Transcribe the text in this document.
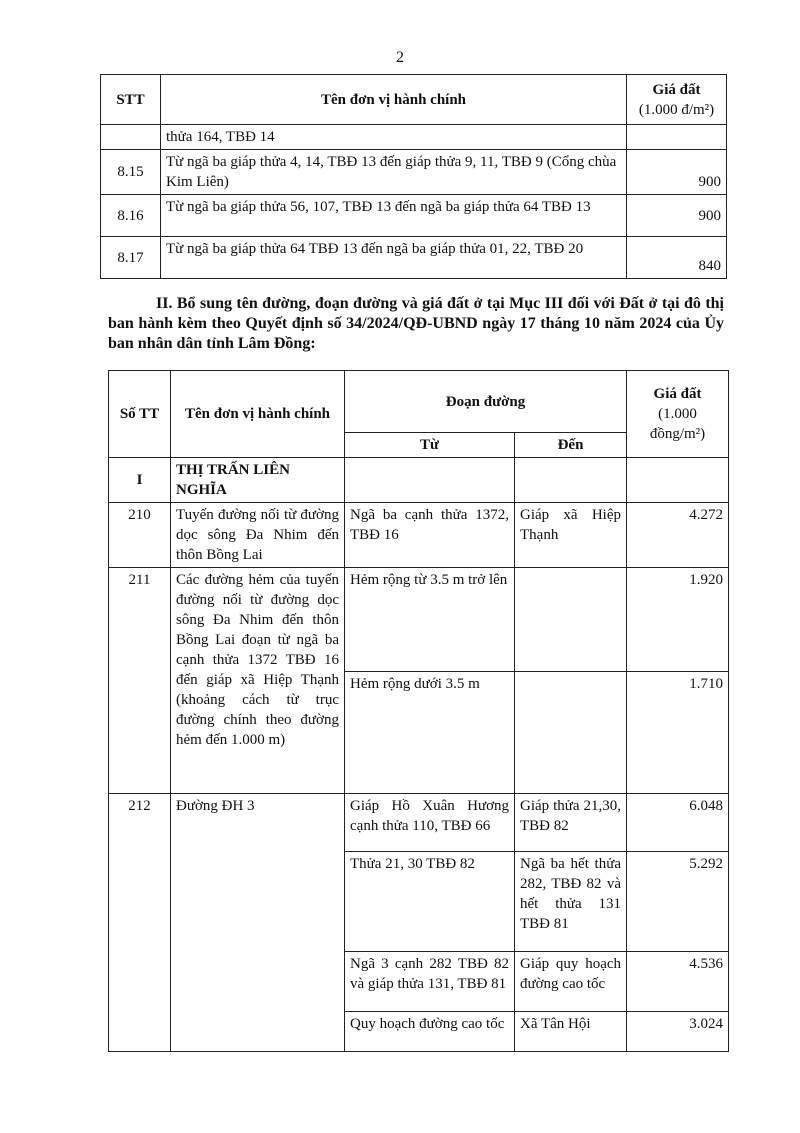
2
STT	Tên đơn vị hành chính	Giá đất
(1.000 đ/m²)
	thửa 164, TBĐ 14	
8.15	Từ ngã ba giáp thửa 4, 14, TBĐ 13 đến giáp thửa 9, 11, TBĐ 9 (Cổng chùa Kim Liên)	900
8.16	Từ ngã ba giáp thửa 56, 107, TBĐ 13 đến ngã ba giáp thửa 64 TBĐ 13	900
8.17	Từ ngã ba giáp thửa 64 TBĐ 13 đến ngã ba giáp thửa 01, 22, TBĐ 20	840
II. Bổ sung tên đường, đoạn đường và giá đất ở tại Mục III đối với Đất ở tại đô thị ban hành kèm theo Quyết định số 34/2024/QĐ-UBND ngày 17 tháng 10 năm 2024 của Ủy ban nhân dân tỉnh Lâm Đồng:
Số TT	Tên đơn vị hành chính	Đoạn đường		Giá đất
(1.000 đồng/m²)
		Từ	Đến	
I	THỊ TRẤN LIÊN NGHĨA			
210	Tuyến đường nối từ đường dọc sông Đa Nhim đến thôn Bồng Lai	Ngã ba cạnh thửa 1372, TBĐ 16	Giáp xã Hiệp Thạnh	4.272
211	Các đường hẻm của tuyến đường nối từ đường dọc sông Đa Nhim đến thôn Bồng Lai đoạn từ ngã ba cạnh thửa 1372 TBĐ 16 đến giáp xã Hiệp Thạnh (khoảng cách từ trục đường chính theo đường hẻm đến 1.000 m)	Hẻm rộng từ 3.5 m trở lên		1.920
		Hẻm rộng dưới 3.5 m		1.710
212	Đường ĐH 3	Giáp Hồ Xuân Hương cạnh thửa 110, TBĐ 66	Giáp thửa 21,30, TBĐ 82	6.048
		Thửa 21, 30 TBĐ 82	Ngã ba hết thửa 282, TBĐ 82 và hết thửa 131 TBĐ 81	5.292
		Ngã 3 cạnh 282 TBĐ 82 và giáp thửa 131, TBĐ 81	Giáp quy hoạch đường cao tốc	4.536
		Quy hoạch đường cao tốc	Xã Tân Hội	3.024
